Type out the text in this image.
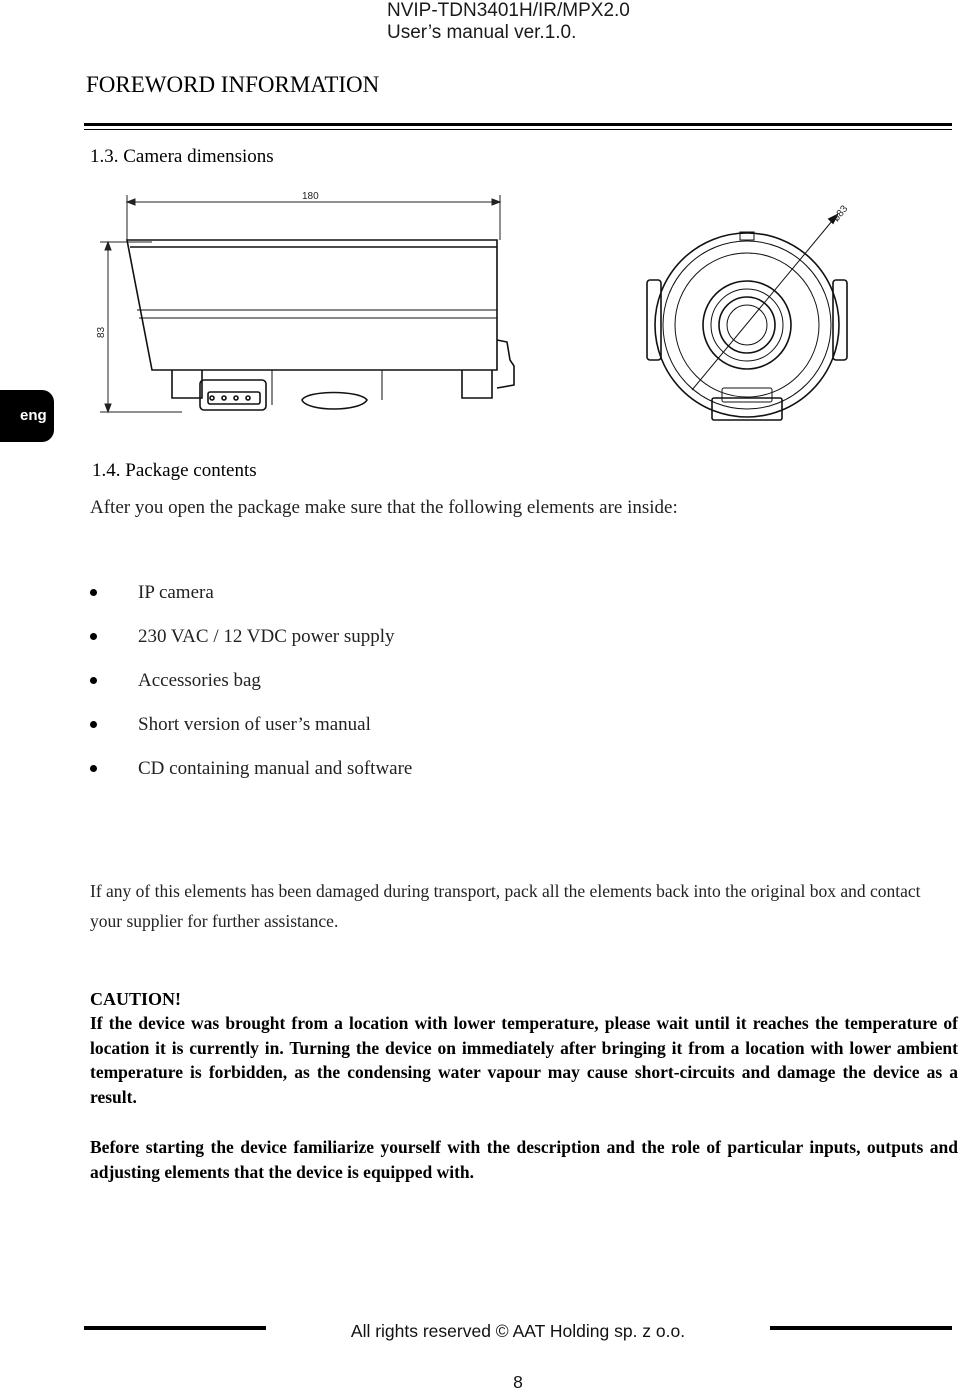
NVIP-TDN3401H/IR/MPX2.0
User’s manual ver.1.0.
FOREWORD INFORMATION
1.3. Camera dimensions
eng
180
83
ø83
1.4. Package contents
After you open the package make sure that the following elements are inside:
IP camera
230 VAC / 12 VDC power supply
Accessories bag
Short version of user’s manual
CD containing manual and software
If any of this elements has been damaged during transport, pack all the elements back into the original box and contact your supplier for further assistance.
CAUTION!
If the device was brought from a location with lower temperature, please wait until it reaches the temperature of location it is currently in. Turning the device on immediately after bringing it from a location with lower ambient temperature is forbidden, as the condensing water vapour may cause short-circuits and damage the device as a result.
Before starting the device familiarize yourself with the description and the role of particular inputs, outputs and adjusting elements that the device is equipped with.
All rights reserved © AAT Holding sp. z o.o.
8
